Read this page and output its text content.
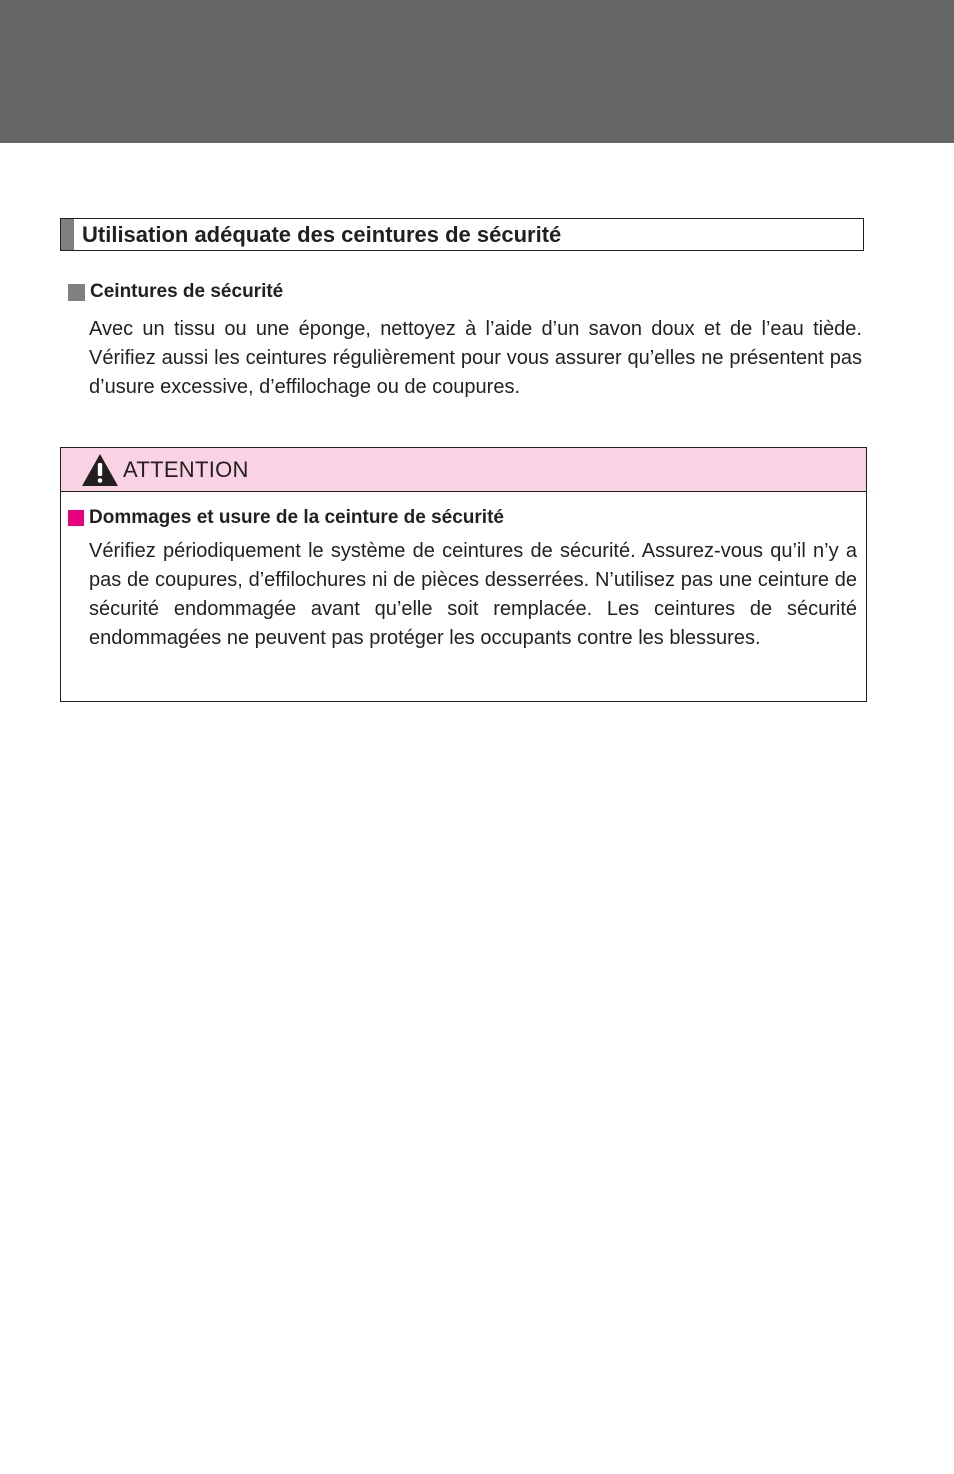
Utilisation adéquate des ceintures de sécurité
Ceintures de sécurité

Avec un tissu ou une éponge, nettoyez à l’aide d’un savon doux et de l’eau tiède. Vérifiez aussi les ceintures régulièrement pour vous assurer qu’elles ne présentent pas d’usure excessive, d’effilochage ou de coupures.

ATTENTION
Dommages et usure de la ceinture de sécurité

Vérifiez périodiquement le système de ceintures de sécurité. Assurez-vous qu’il n’y a pas de coupures, d’effilochures ni de pièces desserrées. N’utilisez pas une ceinture de sécurité endommagée avant qu’elle soit remplacée. Les ceintures de sécurité endommagées ne peuvent pas protéger les occupants contre les blessures.
